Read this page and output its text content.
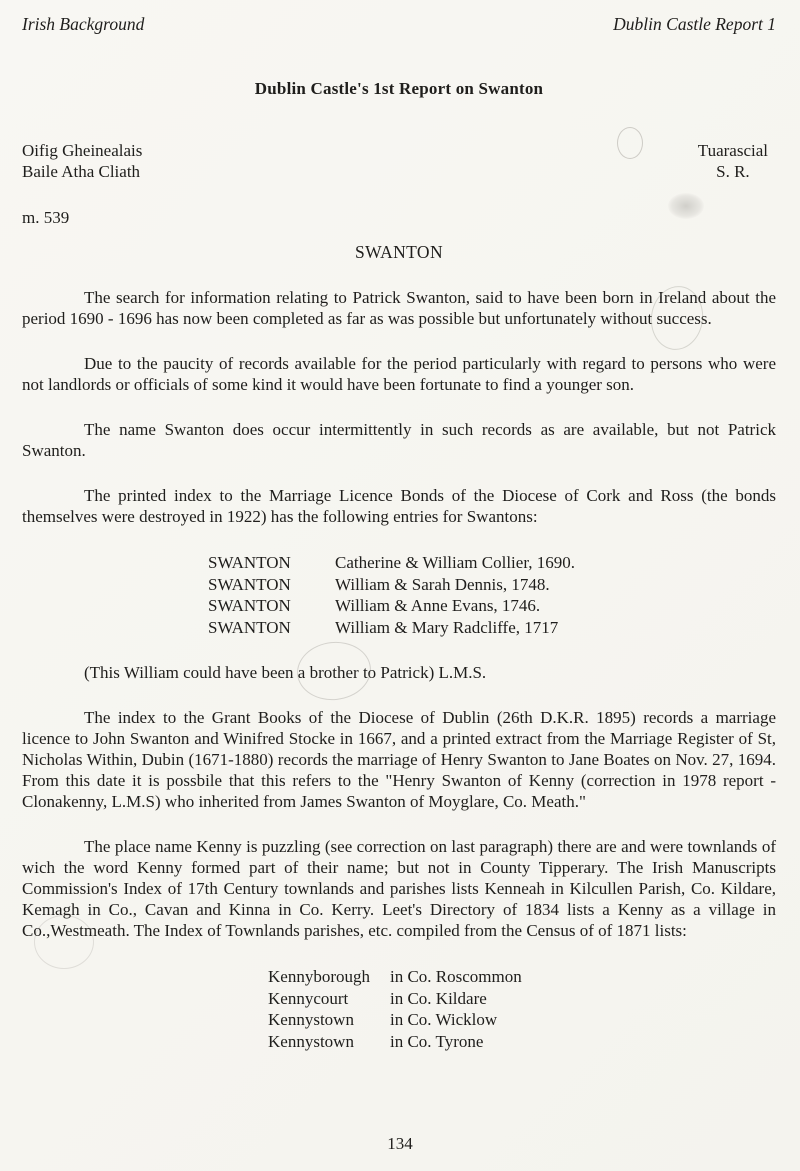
Irish Background	Dublin Castle Report 1
Dublin Castle's 1st Report on Swanton
Oifig Gheinealais
Baile Atha Cliath
Tuarascial
S. R.
m. 539
SWANTON

The search for information relating to Patrick Swanton, said to have been born in Ireland about the period 1690 - 1696 has now been completed as far as was possible but unfortunately without success.

Due to the paucity of records available for the period particularly with regard to persons who were not landlords or officials of some kind it would have been fortunate to find a younger son.

The name Swanton does occur intermittently in such records as are available, but not Patrick Swanton.

The printed index to the Marriage Licence Bonds of the Diocese of Cork and Ross (the bonds themselves were destroyed in 1922) has the following entries for Swantons:

SWANTON	Catherine & William Collier, 1690.
SWANTON	William & Sarah Dennis, 1748.
SWANTON	William & Anne Evans, 1746.
SWANTON	William & Mary Radcliffe, 1717

(This William could have been a brother to Patrick) L.M.S.

The index to the Grant Books of the Diocese of Dublin (26th D.K.R. 1895) records a marriage licence to John Swanton and Winifred Stocke in 1667, and a printed extract from the Marriage Register of St, Nicholas Within, Dubin (1671-1880) records the marriage of Henry Swanton to Jane Boates on Nov. 27, 1694. From this date it is possbile that this refers to the "Henry Swanton of Kenny (correction in 1978 report - Clonakenny, L.M.S) who inherited from James Swanton of Moyglare, Co. Meath."

The place name Kenny is puzzling (see correction on last paragraph) there are and were townlands of wich the word Kenny formed part of their name; but not in County Tipperary. The Irish Manuscripts Commission's Index of 17th Century townlands and parishes lists Kenneah in Kilcullen Parish, Co. Kildare, Kemagh in Co., Cavan and Kinna in Co. Kerry. Leet's Directory of 1834 lists a Kenny as a village in Co.,Westmeath. The Index of Townlands parishes, etc. compiled from the Census of of 1871 lists:

Kennyborough	in Co. Roscommon
Kennycourt	in Co. Kildare
Kennystown	in Co. Wicklow
Kennystown	in Co. Tyrone
134
